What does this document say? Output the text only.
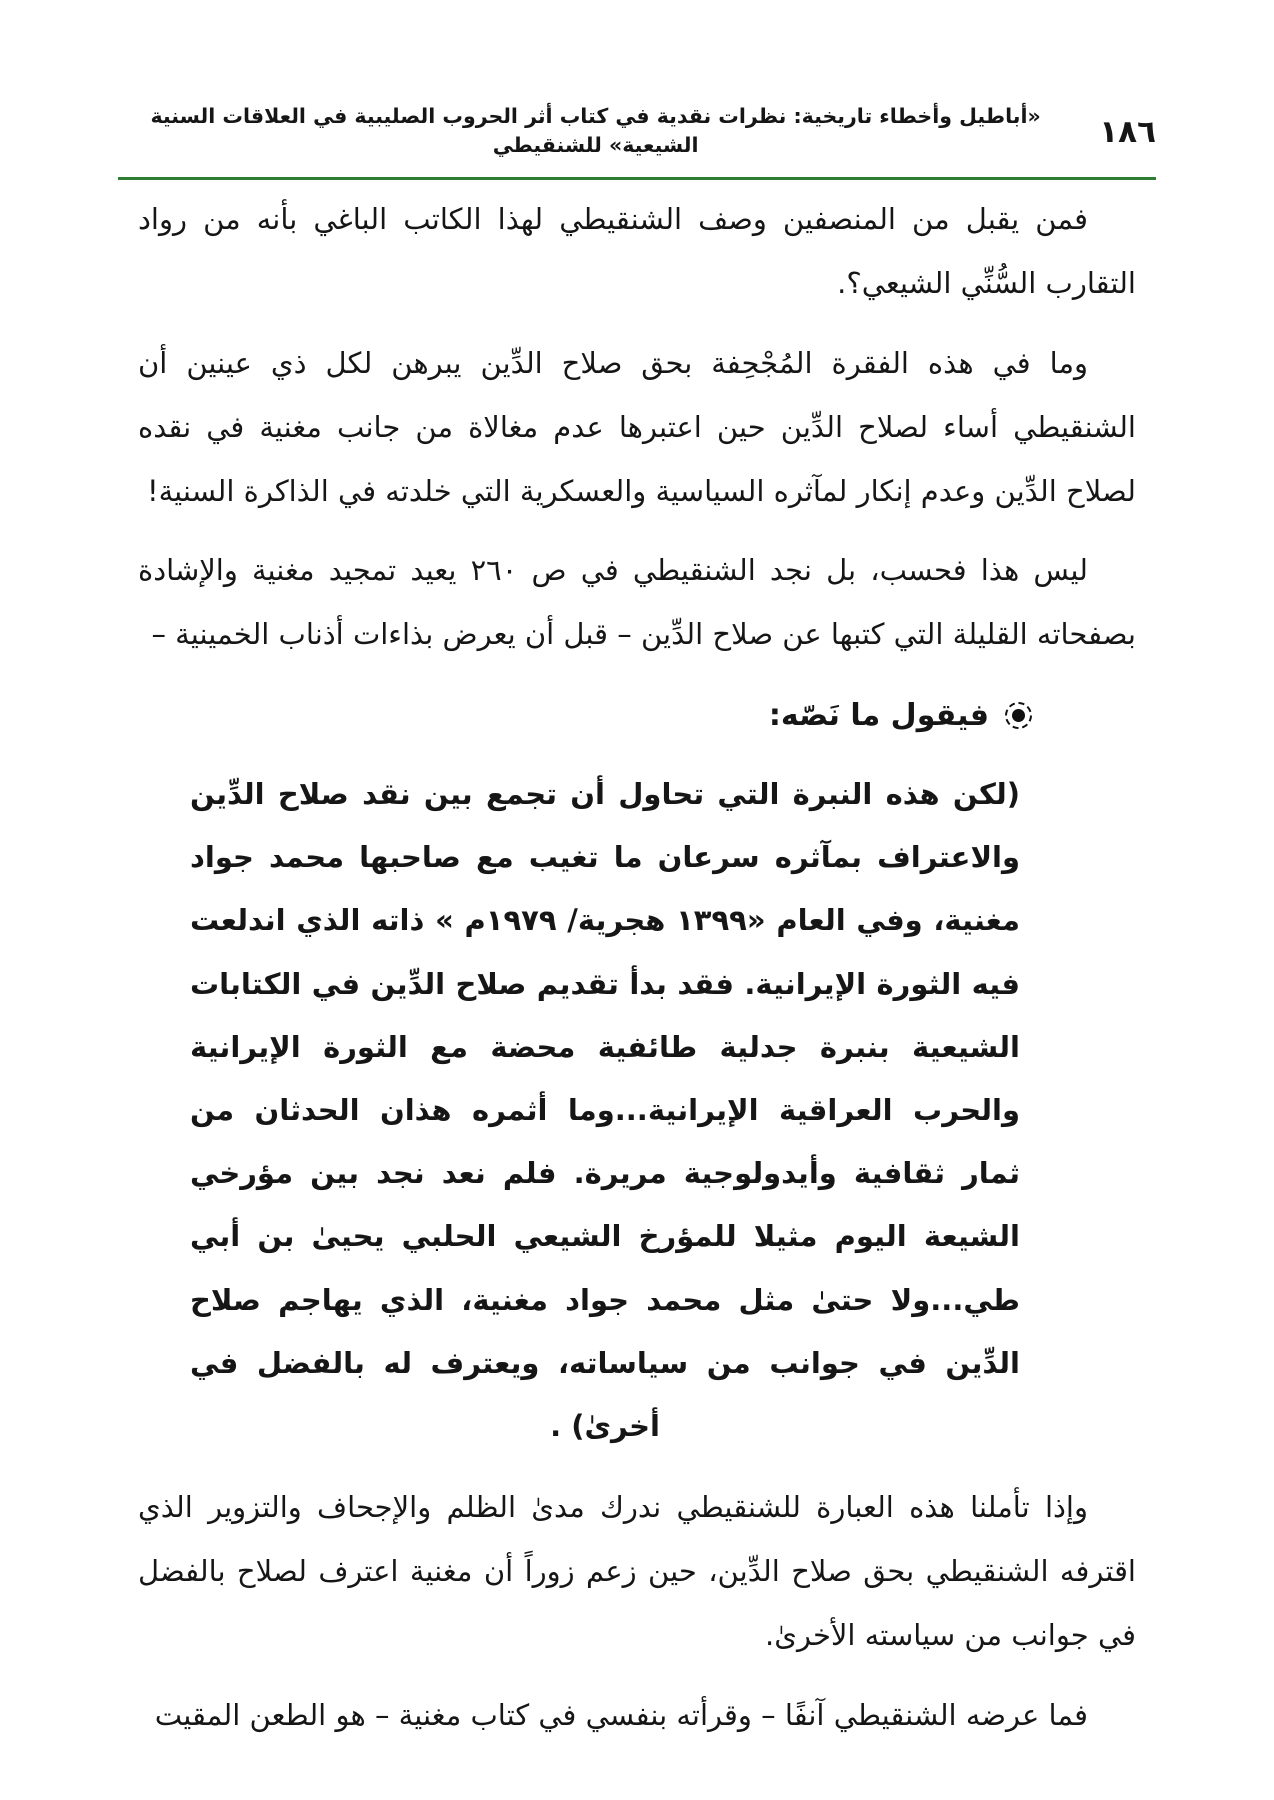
١٨٦
«أباطيل وأخطاء تاريخية: نظرات نقدية في كتاب أثر الحروب الصليبية في العلاقات السنية الشيعية» للشنقيطي

فمن يقبل من المنصفين وصف الشنقيطي لهذا الكاتب الباغي بأنه من رواد التقارب السُّنِّي الشيعي؟.

وما في هذه الفقرة المُجْحِفة بحق صلاح الدِّين يبرهن لكل ذي عينين أن الشنقيطي أساء لصلاح الدِّين حين اعتبرها عدم مغالاة من جانب مغنية في نقده لصلاح الدِّين وعدم إنكار لمآثره السياسية والعسكرية التي خلدته في الذاكرة السنية!

ليس هذا فحسب، بل نجد الشنقيطي في ص ٢٦٠ يعيد تمجيد مغنية والإشادة بصفحاته القليلة التي كتبها عن صلاح الدِّين – قبل أن يعرض بذاءات أذناب الخمينية –

فيقول ما نَصّه:
(لكن هذه النبرة التي تحاول أن تجمع بين نقد صلاح الدِّين والاعتراف بمآثره سرعان ما تغيب مع صاحبها محمد جواد مغنية، وفي العام «١٣٩٩ هجرية/ ١٩٧٩م » ذاته الذي اندلعت فيه الثورة الإيرانية. فقد بدأ تقديم صلاح الدِّين في الكتابات الشيعية بنبرة جدلية طائفية محضة مع الثورة الإيرانية والحرب العراقية الإيرانية...وما أثمره هذان الحدثان من ثمار ثقافية وأيدولوجية مريرة. فلم نعد نجد بين مؤرخي الشيعة اليوم مثيلا للمؤرخ الشيعي الحلبي يحيىٰ بن أبي طي...ولا حتىٰ مثل محمد جواد مغنية، الذي يهاجم صلاح الدِّين في جوانب من سياساته، ويعترف له بالفضل في أخرىٰ) .

وإذا تأملنا هذه العبارة للشنقيطي ندرك مدىٰ الظلم والإجحاف والتزوير الذي اقترفه الشنقيطي بحق صلاح الدِّين، حين زعم زوراً أن مغنية اعترف لصلاح بالفضل في جوانب من سياسته الأخرىٰ.

فما عرضه الشنقيطي آنفًا – وقرأته بنفسي في كتاب مغنية – هو الطعن المقيت
